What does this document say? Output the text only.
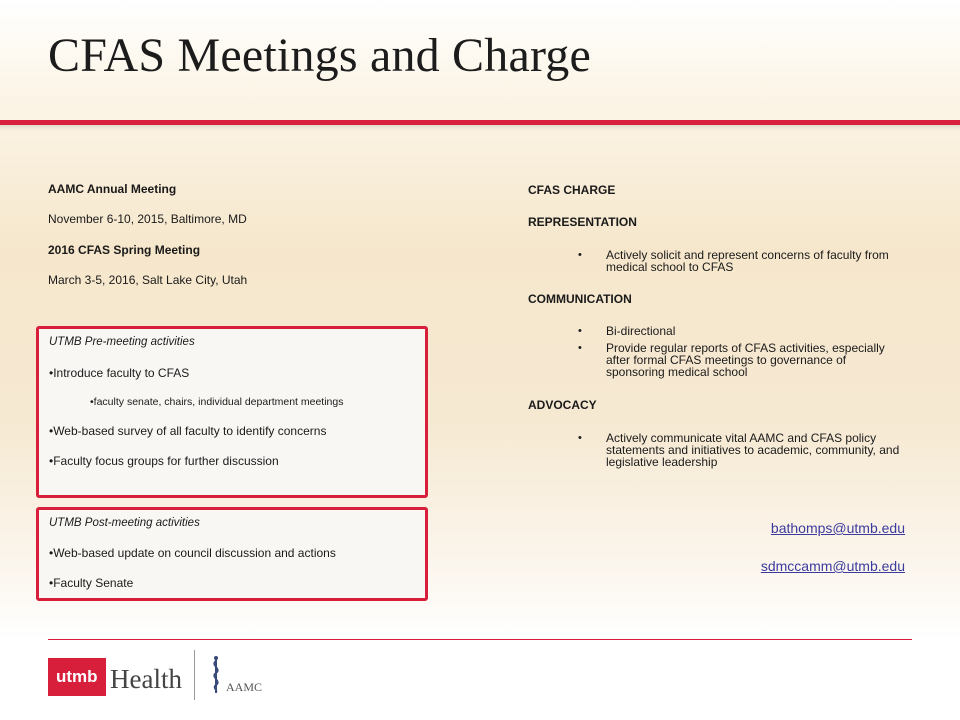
CFAS Meetings and Charge
AAMC Annual Meeting
November 6-10, 2015, Baltimore, MD
2016 CFAS Spring Meeting
March 3-5, 2016, Salt Lake City, Utah
UTMB Pre-meeting activities
•Introduce faculty to CFAS
•faculty senate, chairs, individual department meetings
•Web-based survey of all faculty to identify concerns
•Faculty focus groups for further discussion
UTMB Post-meeting activities
•Web-based update on council discussion and actions
•Faculty Senate
CFAS CHARGE
REPRESENTATION
• Actively solicit and represent concerns of faculty from medical school to CFAS
COMMUNICATION
• Bi-directional
• Provide regular reports of CFAS activities, especially after formal CFAS meetings to governance of sponsoring medical school
ADVOCACY
• Actively communicate vital AAMC and CFAS policy statements and initiatives to academic, community, and legislative leadership
bathomps@utmb.edu
sdmccamm@utmb.edu
utmb Health	AAMC
